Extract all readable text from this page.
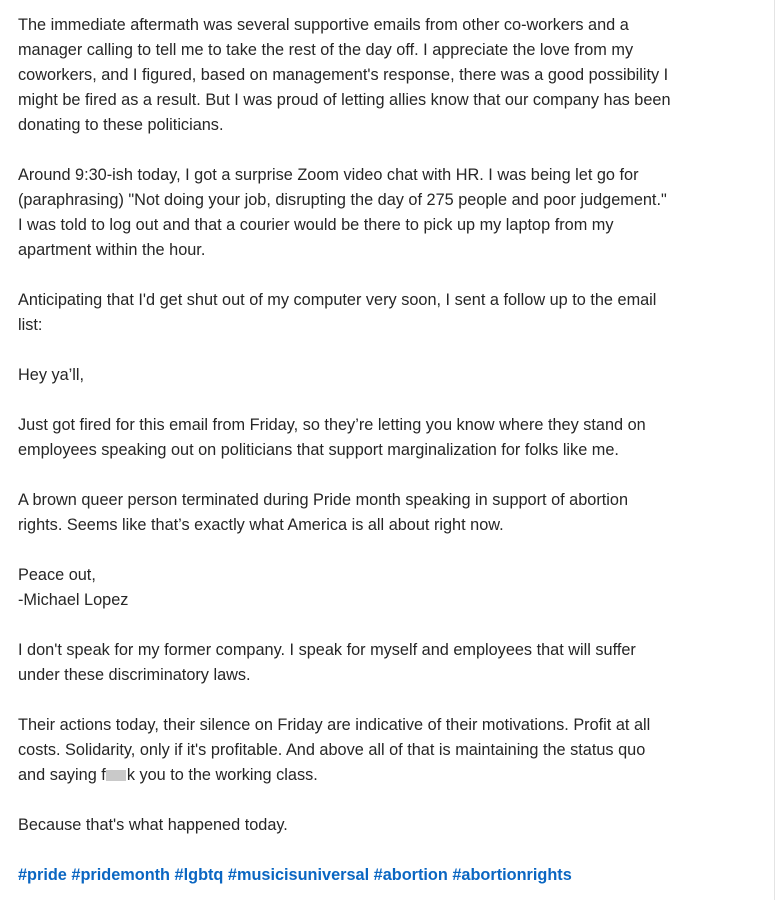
The immediate aftermath was several supportive emails from other co-workers and a
manager calling to tell me to take the rest of the day off. I appreciate the love from my
coworkers, and I figured, based on management's response, there was a good possibility I
might be fired as a result. But I was proud of letting allies know that our company has been
donating to these politicians.

Around 9:30-ish today, I got a surprise Zoom video chat with HR. I was being let go for
(paraphrasing) "Not doing your job, disrupting the day of 275 people and poor judgement."
I was told to log out and that a courier would be there to pick up my laptop from my
apartment within the hour.

Anticipating that I'd get shut out of my computer very soon, I sent a follow up to the email
list:

Hey ya’ll,

Just got fired for this email from Friday, so they’re letting you know where they stand on
employees speaking out on politicians that support marginalization for folks like me.

A brown queer person terminated during Pride month speaking in support of abortion
rights. Seems like that’s exactly what America is all about right now.

Peace out,
-Michael Lopez

I don't speak for my former company. I speak for myself and employees that will suffer
under these discriminatory laws.

Their actions today, their silence on Friday are indicative of their motivations. Profit at all
costs. Solidarity, only if it's profitable. And above all of that is maintaining the status quo
and saying f k you to the working class.

Because that's what happened today.

#pride #pridemonth #lgbtq #musicisuniversal #abortion #abortionrights
